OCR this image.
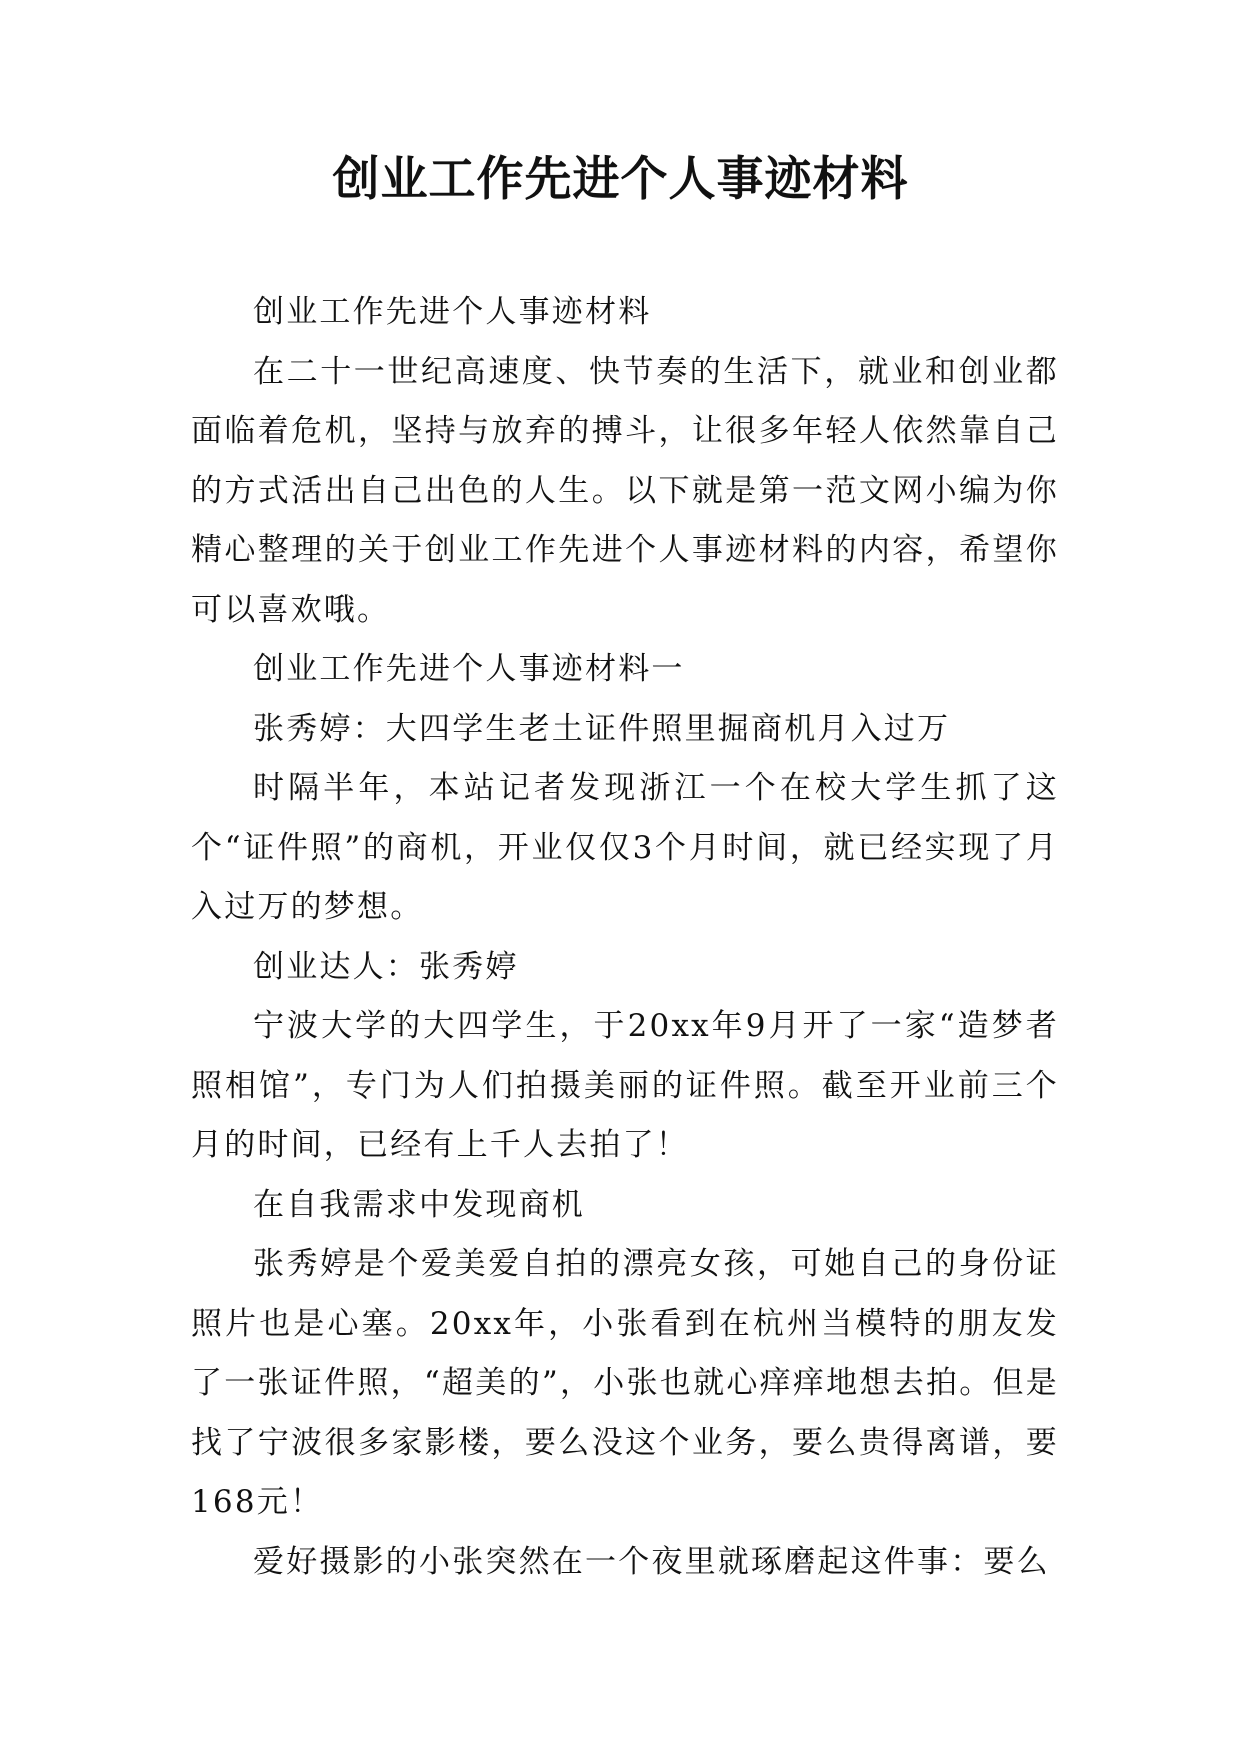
创业工作先进个人事迹材料

创业工作先进个人事迹材料

在二十一世纪高速度、快节奏的生活下，就业和创业都面临着危机，坚持与放弃的搏斗，让很多年轻人依然靠自己的方式活出自己出色的人生。以下就是第一范文网小编为你精心整理的关于创业工作先进个人事迹材料的内容，希望你可以喜欢哦。

创业工作先进个人事迹材料一

张秀婷：大四学生老土证件照里掘商机月入过万

时隔半年，本站记者发现浙江一个在校大学生抓了这个“证件照”的商机，开业仅仅3个月时间，就已经实现了月入过万的梦想。

创业达人：张秀婷

宁波大学的大四学生，于20xx年9月开了一家“造梦者照相馆”，专门为人们拍摄美丽的证件照。截至开业前三个月的时间，已经有上千人去拍了！

在自我需求中发现商机

张秀婷是个爱美爱自拍的漂亮女孩，可她自己的身份证照片也是心塞。20xx年，小张看到在杭州当模特的朋友发了一张证件照，“超美的”，小张也就心痒痒地想去拍。但是找了宁波很多家影楼，要么没这个业务，要么贵得离谱，要168元！

爱好摄影的小张突然在一个夜里就琢磨起这件事：要么
